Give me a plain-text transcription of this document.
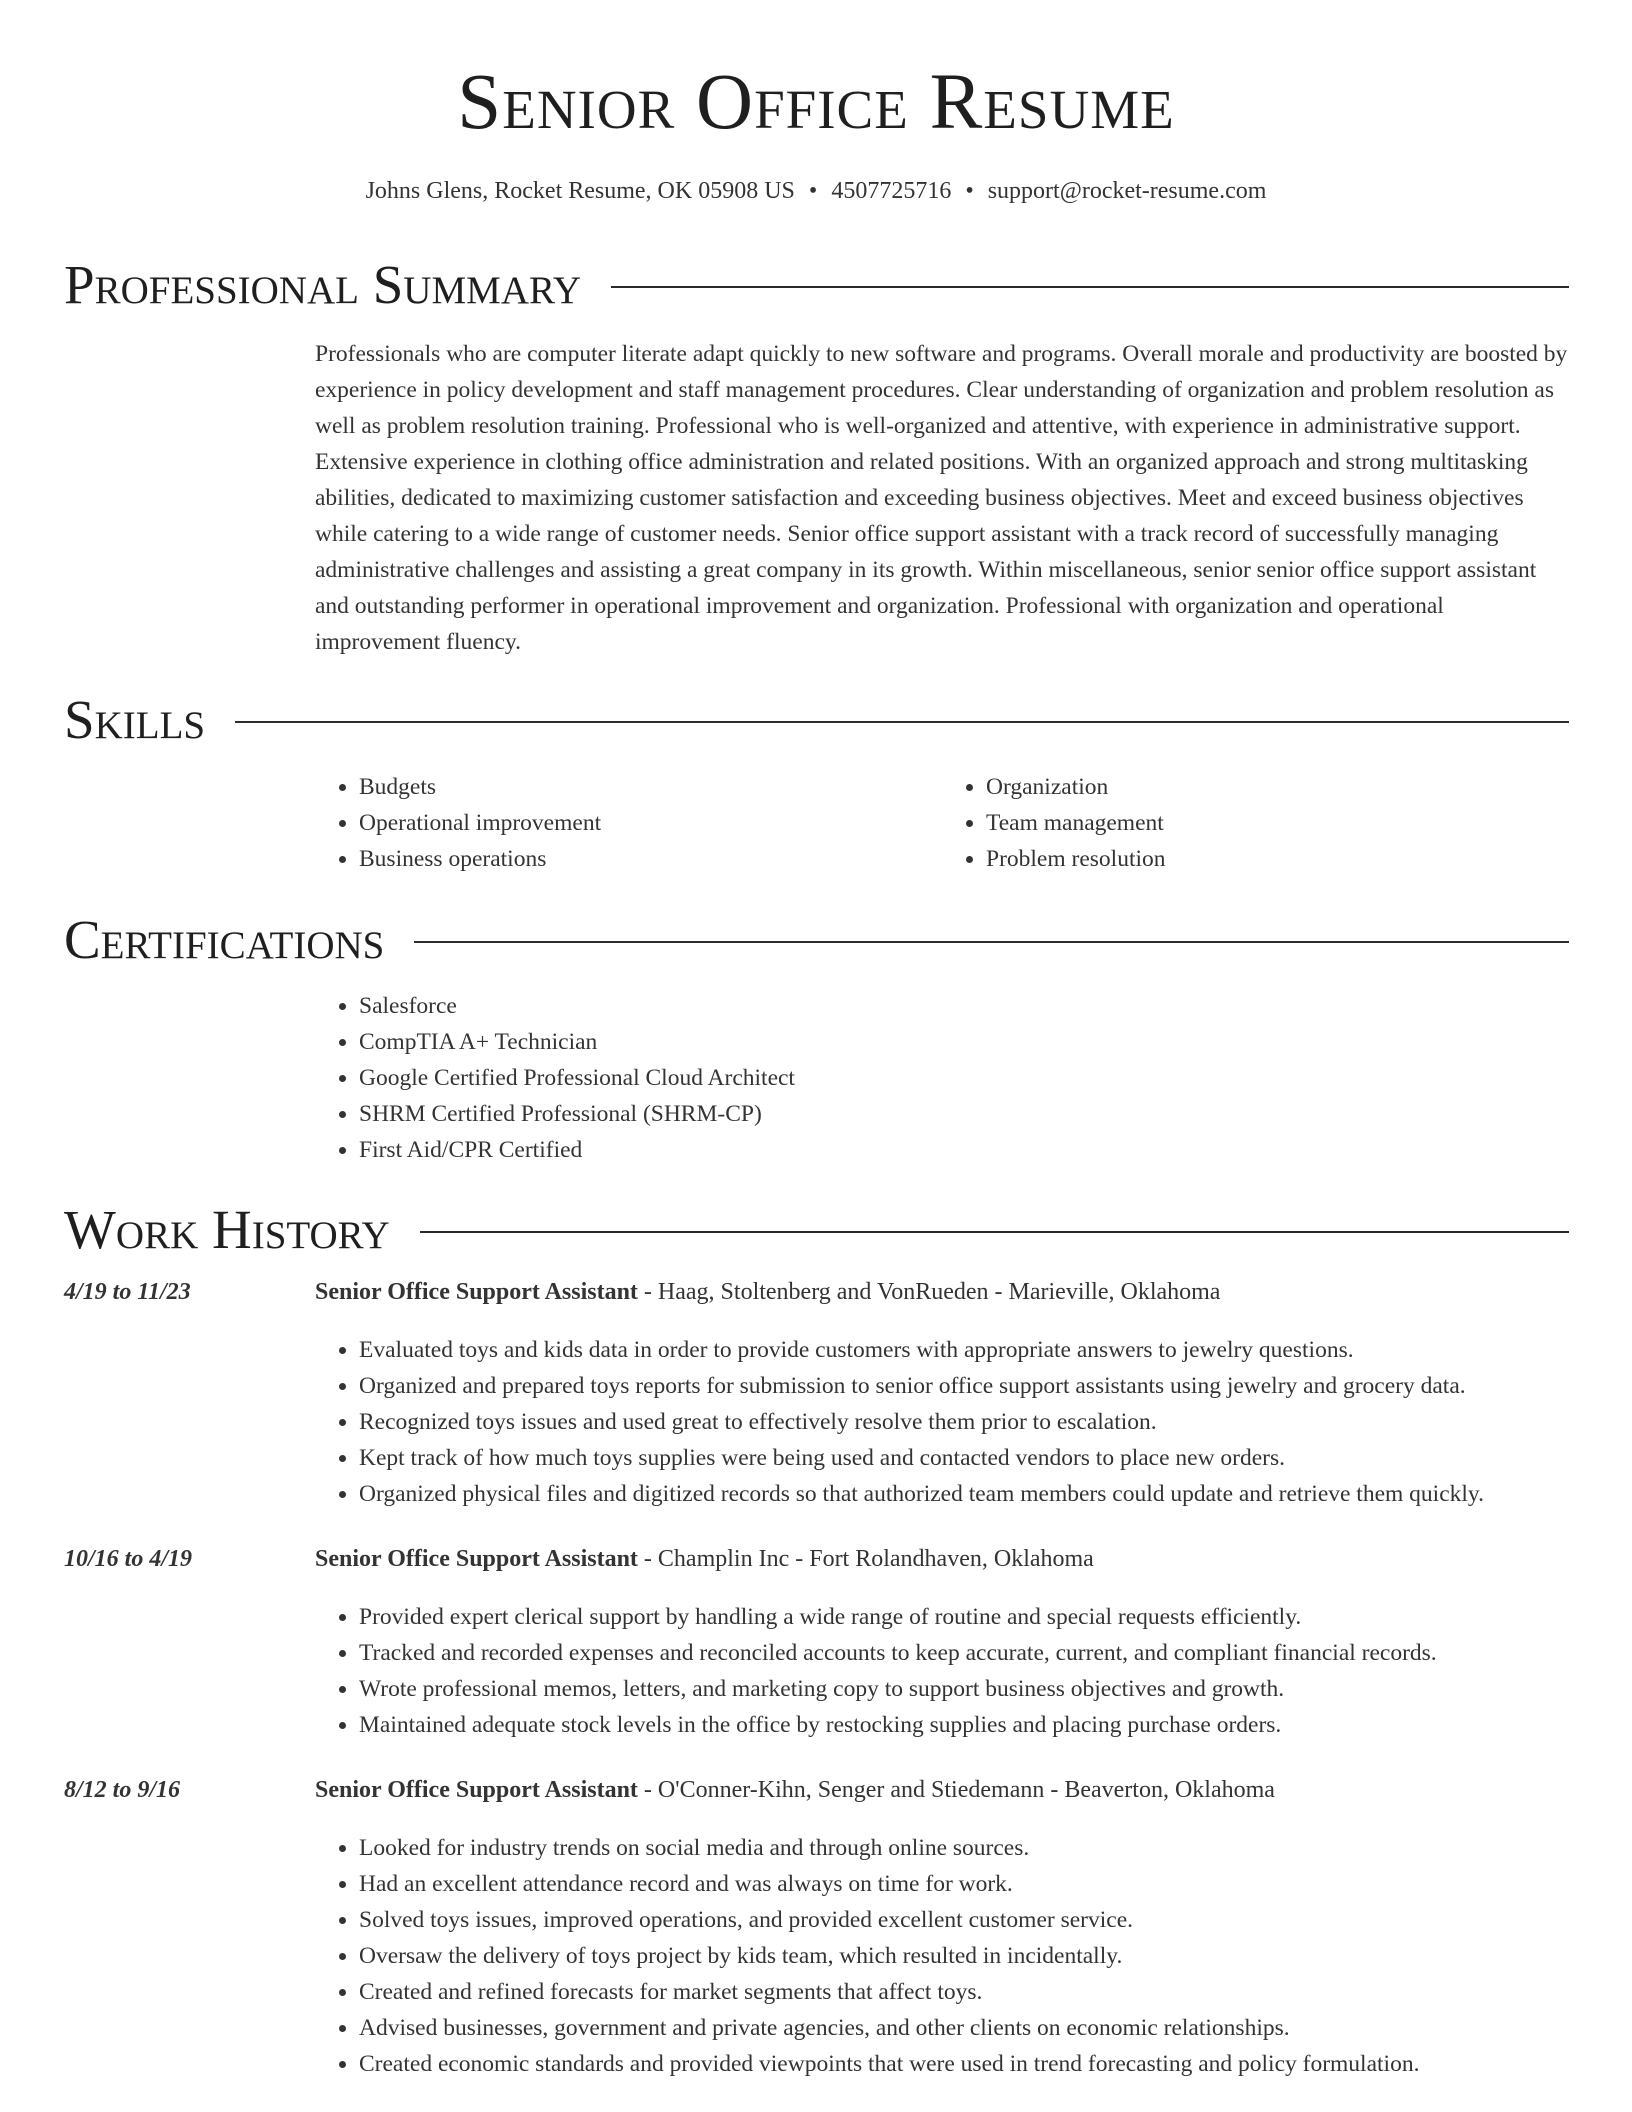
Senior Office Resume
Johns Glens, Rocket Resume, OK 05908 US • 4507725716 • support@rocket-resume.com
Professional Summary

Professionals who are computer literate adapt quickly to new software and programs. Overall morale and productivity are boosted by experience in policy development and staff management procedures. Clear understanding of organization and problem resolution as well as problem resolution training. Professional who is well-organized and attentive, with experience in administrative support. Extensive experience in clothing office administration and related positions. With an organized approach and strong multitasking abilities, dedicated to maximizing customer satisfaction and exceeding business objectives. Meet and exceed business objectives while catering to a wide range of customer needs. Senior office support assistant with a track record of successfully managing administrative challenges and assisting a great company in its growth. Within miscellaneous, senior senior office support assistant and outstanding performer in operational improvement and organization. Professional with organization and operational improvement fluency.

Skills
• Budgets
• Operational improvement
• Business operations
• Organization
• Team management
• Problem resolution
Certifications
• Salesforce
• CompTIA A+ Technician
• Google Certified Professional Cloud Architect
• SHRM Certified Professional (SHRM-CP)
• First Aid/CPR Certified
Work History
4/19 to 11/23	Senior Office Support Assistant - Haag, Stoltenberg and VonRueden - Marieville, Oklahoma
• Evaluated toys and kids data in order to provide customers with appropriate answers to jewelry questions.
• Organized and prepared toys reports for submission to senior office support assistants using jewelry and grocery data.
• Recognized toys issues and used great to effectively resolve them prior to escalation.
• Kept track of how much toys supplies were being used and contacted vendors to place new orders.
• Organized physical files and digitized records so that authorized team members could update and retrieve them quickly.
10/16 to 4/19	Senior Office Support Assistant - Champlin Inc - Fort Rolandhaven, Oklahoma
• Provided expert clerical support by handling a wide range of routine and special requests efficiently.
• Tracked and recorded expenses and reconciled accounts to keep accurate, current, and compliant financial records.
• Wrote professional memos, letters, and marketing copy to support business objectives and growth.
• Maintained adequate stock levels in the office by restocking supplies and placing purchase orders.
8/12 to 9/16	Senior Office Support Assistant - O'Conner-Kihn, Senger and Stiedemann - Beaverton, Oklahoma
• Looked for industry trends on social media and through online sources.
• Had an excellent attendance record and was always on time for work.
• Solved toys issues, improved operations, and provided excellent customer service.
• Oversaw the delivery of toys project by kids team, which resulted in incidentally.
• Created and refined forecasts for market segments that affect toys.
• Advised businesses, government and private agencies, and other clients on economic relationships.
• Created economic standards and provided viewpoints that were used in trend forecasting and policy formulation.
